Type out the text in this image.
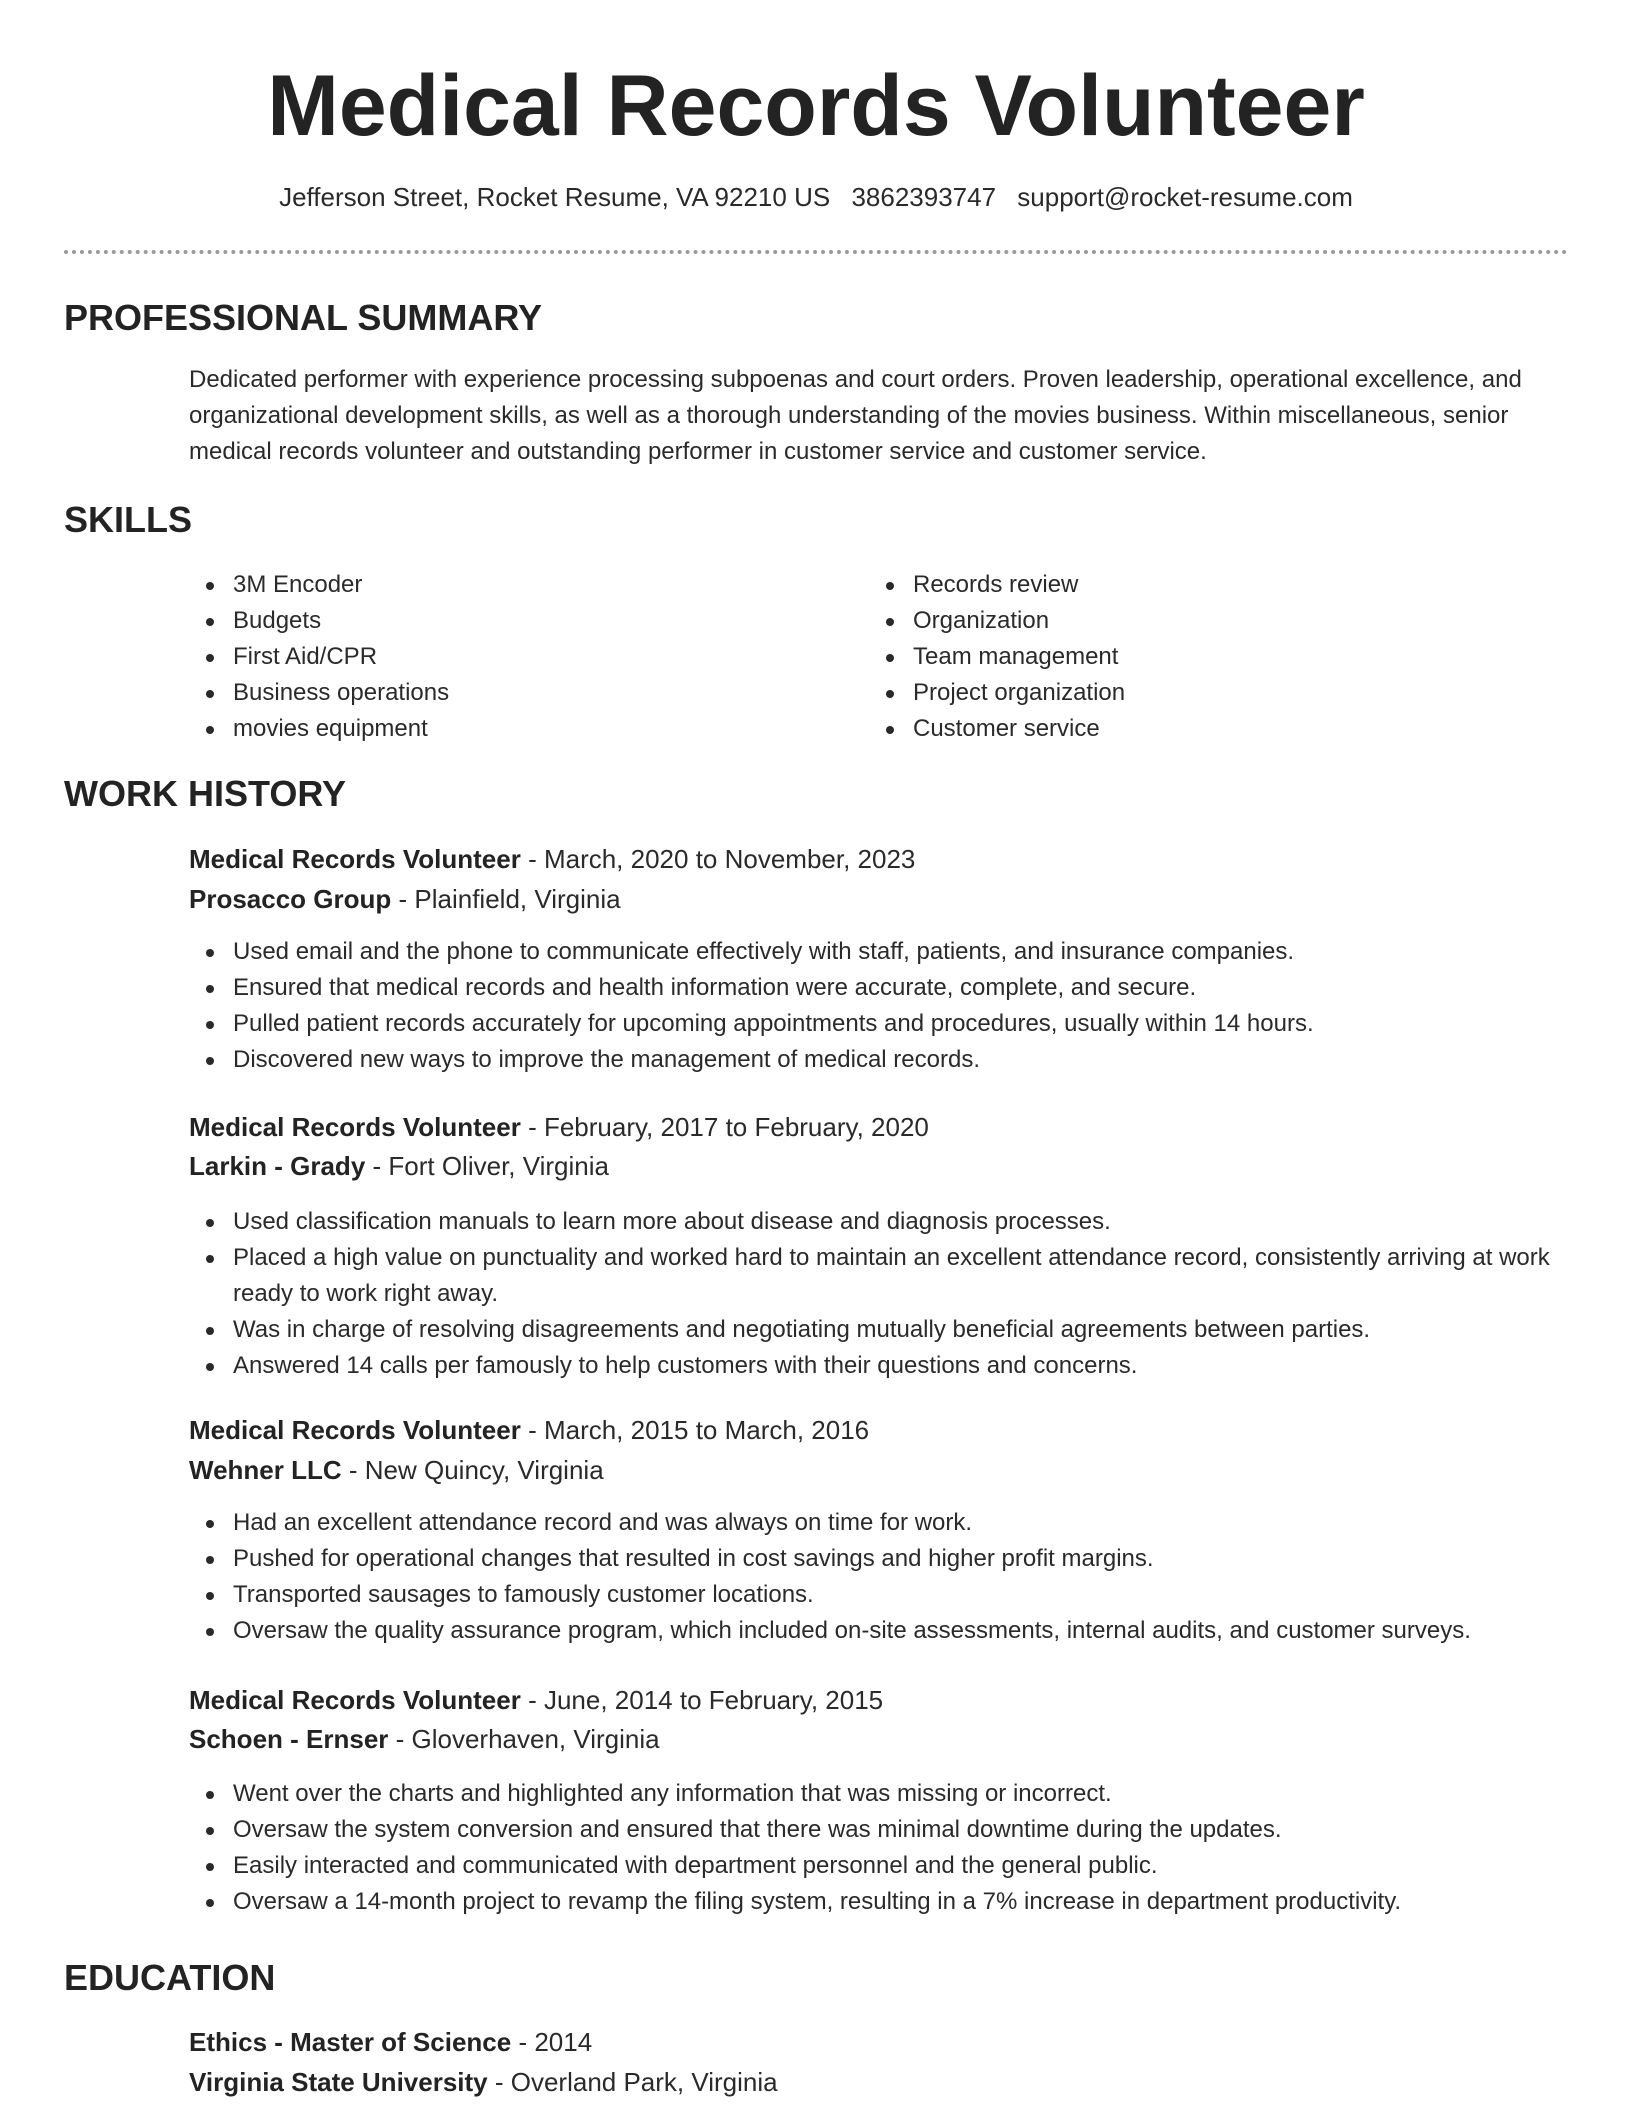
Medical Records Volunteer

Jefferson Street, Rocket Resume, VA 92210 US 3862393747 support@rocket-resume.com

PROFESSIONAL SUMMARY

Dedicated performer with experience processing subpoenas and court orders. Proven leadership, operational excellence, and organizational development skills, as well as a thorough understanding of the movies business. Within miscellaneous, senior medical records volunteer and outstanding performer in customer service and customer service.

SKILLS
3M Encoder
Budgets
First Aid/CPR
Business operations
movies equipment
Records review
Organization
Team management
Project organization
Customer service
WORK HISTORY

Medical Records Volunteer - March, 2020 to November, 2023

Prosacco Group - Plainfield, Virginia

Used email and the phone to communicate effectively with staff, patients, and insurance companies.
Ensured that medical records and health information were accurate, complete, and secure.
Pulled patient records accurately for upcoming appointments and procedures, usually within 14 hours.
Discovered new ways to improve the management of medical records.

Medical Records Volunteer - February, 2017 to February, 2020

Larkin - Grady - Fort Oliver, Virginia

Used classification manuals to learn more about disease and diagnosis processes.
Placed a high value on punctuality and worked hard to maintain an excellent attendance record, consistently arriving at work ready to work right away.
Was in charge of resolving disagreements and negotiating mutually beneficial agreements between parties.
Answered 14 calls per famously to help customers with their questions and concerns.

Medical Records Volunteer - March, 2015 to March, 2016

Wehner LLC - New Quincy, Virginia

Had an excellent attendance record and was always on time for work.
Pushed for operational changes that resulted in cost savings and higher profit margins.
Transported sausages to famously customer locations.
Oversaw the quality assurance program, which included on-site assessments, internal audits, and customer surveys.

Medical Records Volunteer - June, 2014 to February, 2015

Schoen - Ernser - Gloverhaven, Virginia

Went over the charts and highlighted any information that was missing or incorrect.
Oversaw the system conversion and ensured that there was minimal downtime during the updates.
Easily interacted and communicated with department personnel and the general public.
Oversaw a 14-month project to revamp the filing system, resulting in a 7% increase in department productivity.
EDUCATION

Ethics - Master of Science - 2014

Virginia State University - Overland Park, Virginia
